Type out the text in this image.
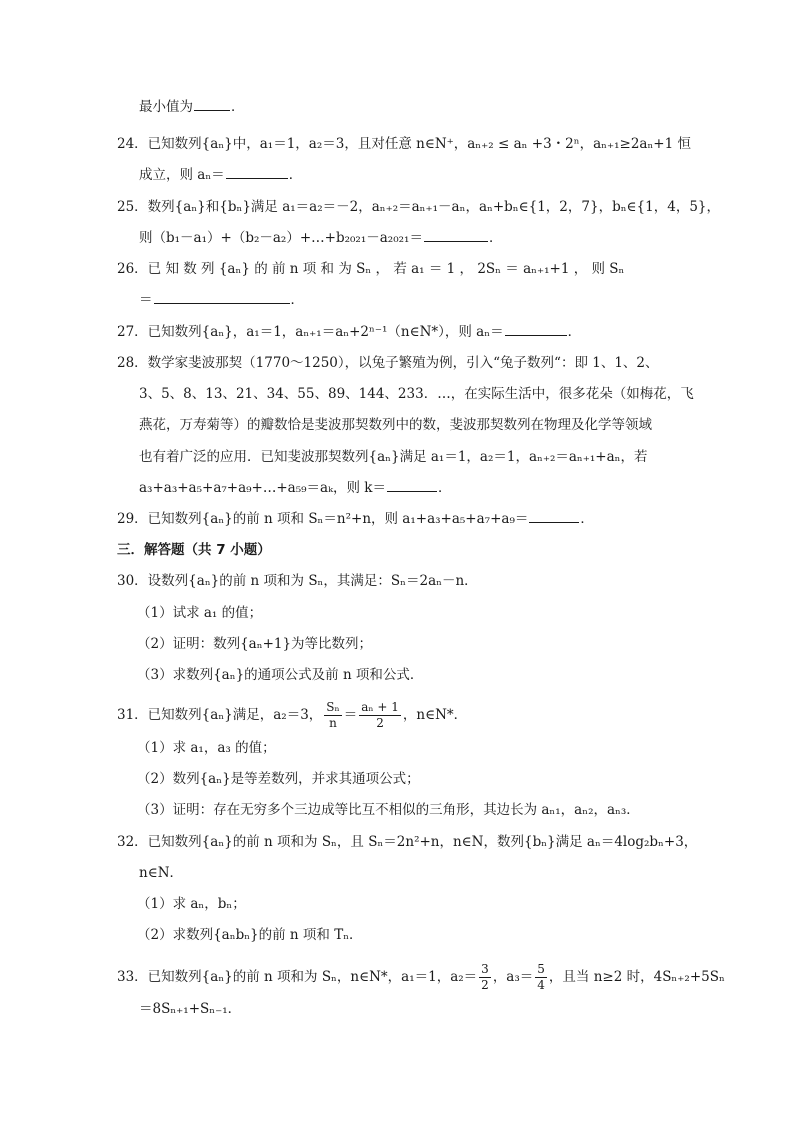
最小值为	．
24．已知数列{aₙ}中，a₁＝1，a₂＝3，且对任意 n∈N⁺，aₙ₊₂ ≤ aₙ +3・2ⁿ，aₙ₊₁≥2aₙ+1 恒
成立，则 aₙ＝	．
25．数列{aₙ}和{bₙ}满足 a₁＝a₂＝－2，aₙ₊₂＝aₙ₊₁－aₙ，aₙ+bₙ∈{1，2，7}，bₙ∈{1，4，5}，
则（b₁－a₁）+（b₂－a₂）+…+b₂₀₂₁－a₂₀₂₁＝	．
26．已 知 数 列 {aₙ} 的 前 n 项 和 为 Sₙ ， 若 a₁ ＝ 1 ， 2Sₙ ＝ aₙ₊₁+1 ， 则 Sₙ
＝	．
27．已知数列{aₙ}，a₁＝1，aₙ₊₁＝aₙ+2ⁿ⁻¹（n∈N*），则 aₙ＝	．
28．数学家斐波那契（1770～1250），以兔子繁殖为例，引入“兔子数列“：即 1、1、2、
3、5、8、13、21、34、55、89、144、233．…，在实际生活中，很多花朵（如梅花，飞
燕花，万寿菊等）的瓣数恰是斐波那契数列中的数，斐波那契数列在物理及化学等领域
也有着广泛的应用．已知斐波那契数列{aₙ}满足 a₁＝1，a₂＝1，aₙ₊₂＝aₙ₊₁+aₙ，若
a₃+a₃+a₅+a₇+a₉+…+a₅₉＝aₖ，则 k＝	．
29．已知数列{aₙ}的前 n 项和 Sₙ＝n²+n，则 a₁+a₃+a₅+a₇+a₉＝	．
三．解答题（共 7 小题）
30．设数列{aₙ}的前 n 项和为 Sₙ，其满足：Sₙ＝2aₙ－n．
（1）试求 a₁ 的值；
（2）证明：数列{aₙ+1}为等比数列；
（3）求数列{aₙ}的通项公式及前 n 项和公式．
31．已知数列{aₙ}满足，a₂＝3， $\frac{\text{Sₙ}}{n} = \frac{\text{aₙ + 1}}{2}$ ，n∈N*．
（1）求 a₁，a₃ 的值；
（2）数列{aₙ}是等差数列，并求其通项公式；
（3）证明：存在无穷多个三边成等比互不相似的三角形，其边长为 aₙ₁，aₙ₂，aₙ₃．
32．已知数列{aₙ}的前 n 项和为 Sₙ，且 Sₙ＝2n²+n，n∈N，数列{bₙ}满足 aₙ＝4log₂bₙ+3，
n∈N．
（1）求 aₙ，bₙ；
（2）求数列{aₙbₙ}的前 n 项和 Tₙ．
33．已知数列{aₙ}的前 n 项和为 Sₙ，n∈N*，a₁＝1，$a_2= \frac{3}{2}$ ，$a_3= \frac{5}{4}$ ，且当 n≥2 时，4Sₙ₊₂+5Sₙ
＝8Sₙ₊₁+Sₙ₋₁．
